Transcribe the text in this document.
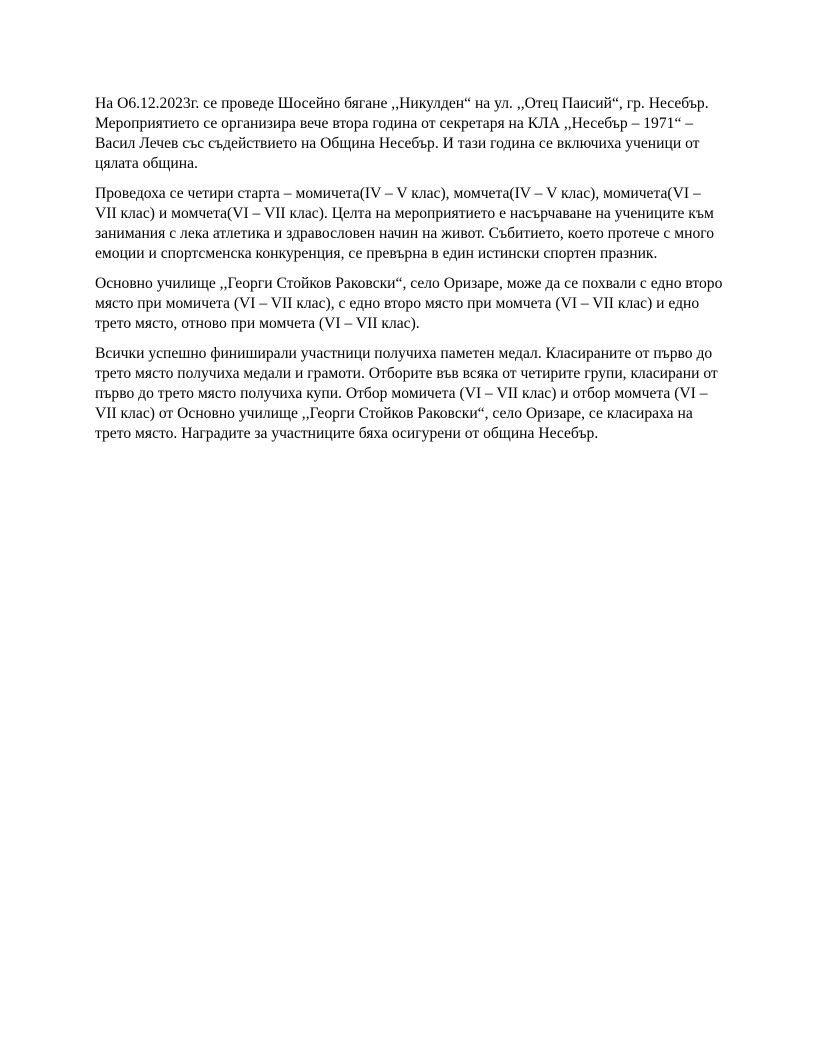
На О6.12.2023г. се проведе Шосейно бягане ,,Никулден“ на ул. ,,Отец Паисий“, гр. Несебър. Мероприятието се организира вече втора година от секретаря на КЛА ,,Несебър – 1971“ – Васил Лечев със съдействието на Община Несебър. И тази година се включиха ученици от цялата община.

Проведоха се четири старта – момичета(IV – V клас), момчета(IV – V клас), момичета(VI – VII клас) и момчета(VI – VII клас). Целта на мероприятието е насърчаване на учениците към занимания с лека атлетика и здравословен начин на живот. Събитието, което протече с много емоции и спортсменска конкуренция, се превърна в един истински спортен празник.

Основно училище ,,Георги Стойков Раковски“, село Оризаре, може да се похвали с едно второ място при момичета (VI – VII клас), с едно второ място при момчета (VI – VII клас) и едно трето място, отново при момчета (VI – VII клас).

Всички успешно финиширали участници получиха паметен медал. Класираните от първо до трето място получиха медали и грамоти. Отборите във всяка от четирите групи, класирани от първо до трето място получиха купи. Отбор момичета (VI – VII клас) и отбор момчета (VI – VII клас) от Основно училище ,,Георги Стойков Раковски“, село Оризаре, се класираха на трето място. Наградите за участниците бяха осигурени от община Несебър.
